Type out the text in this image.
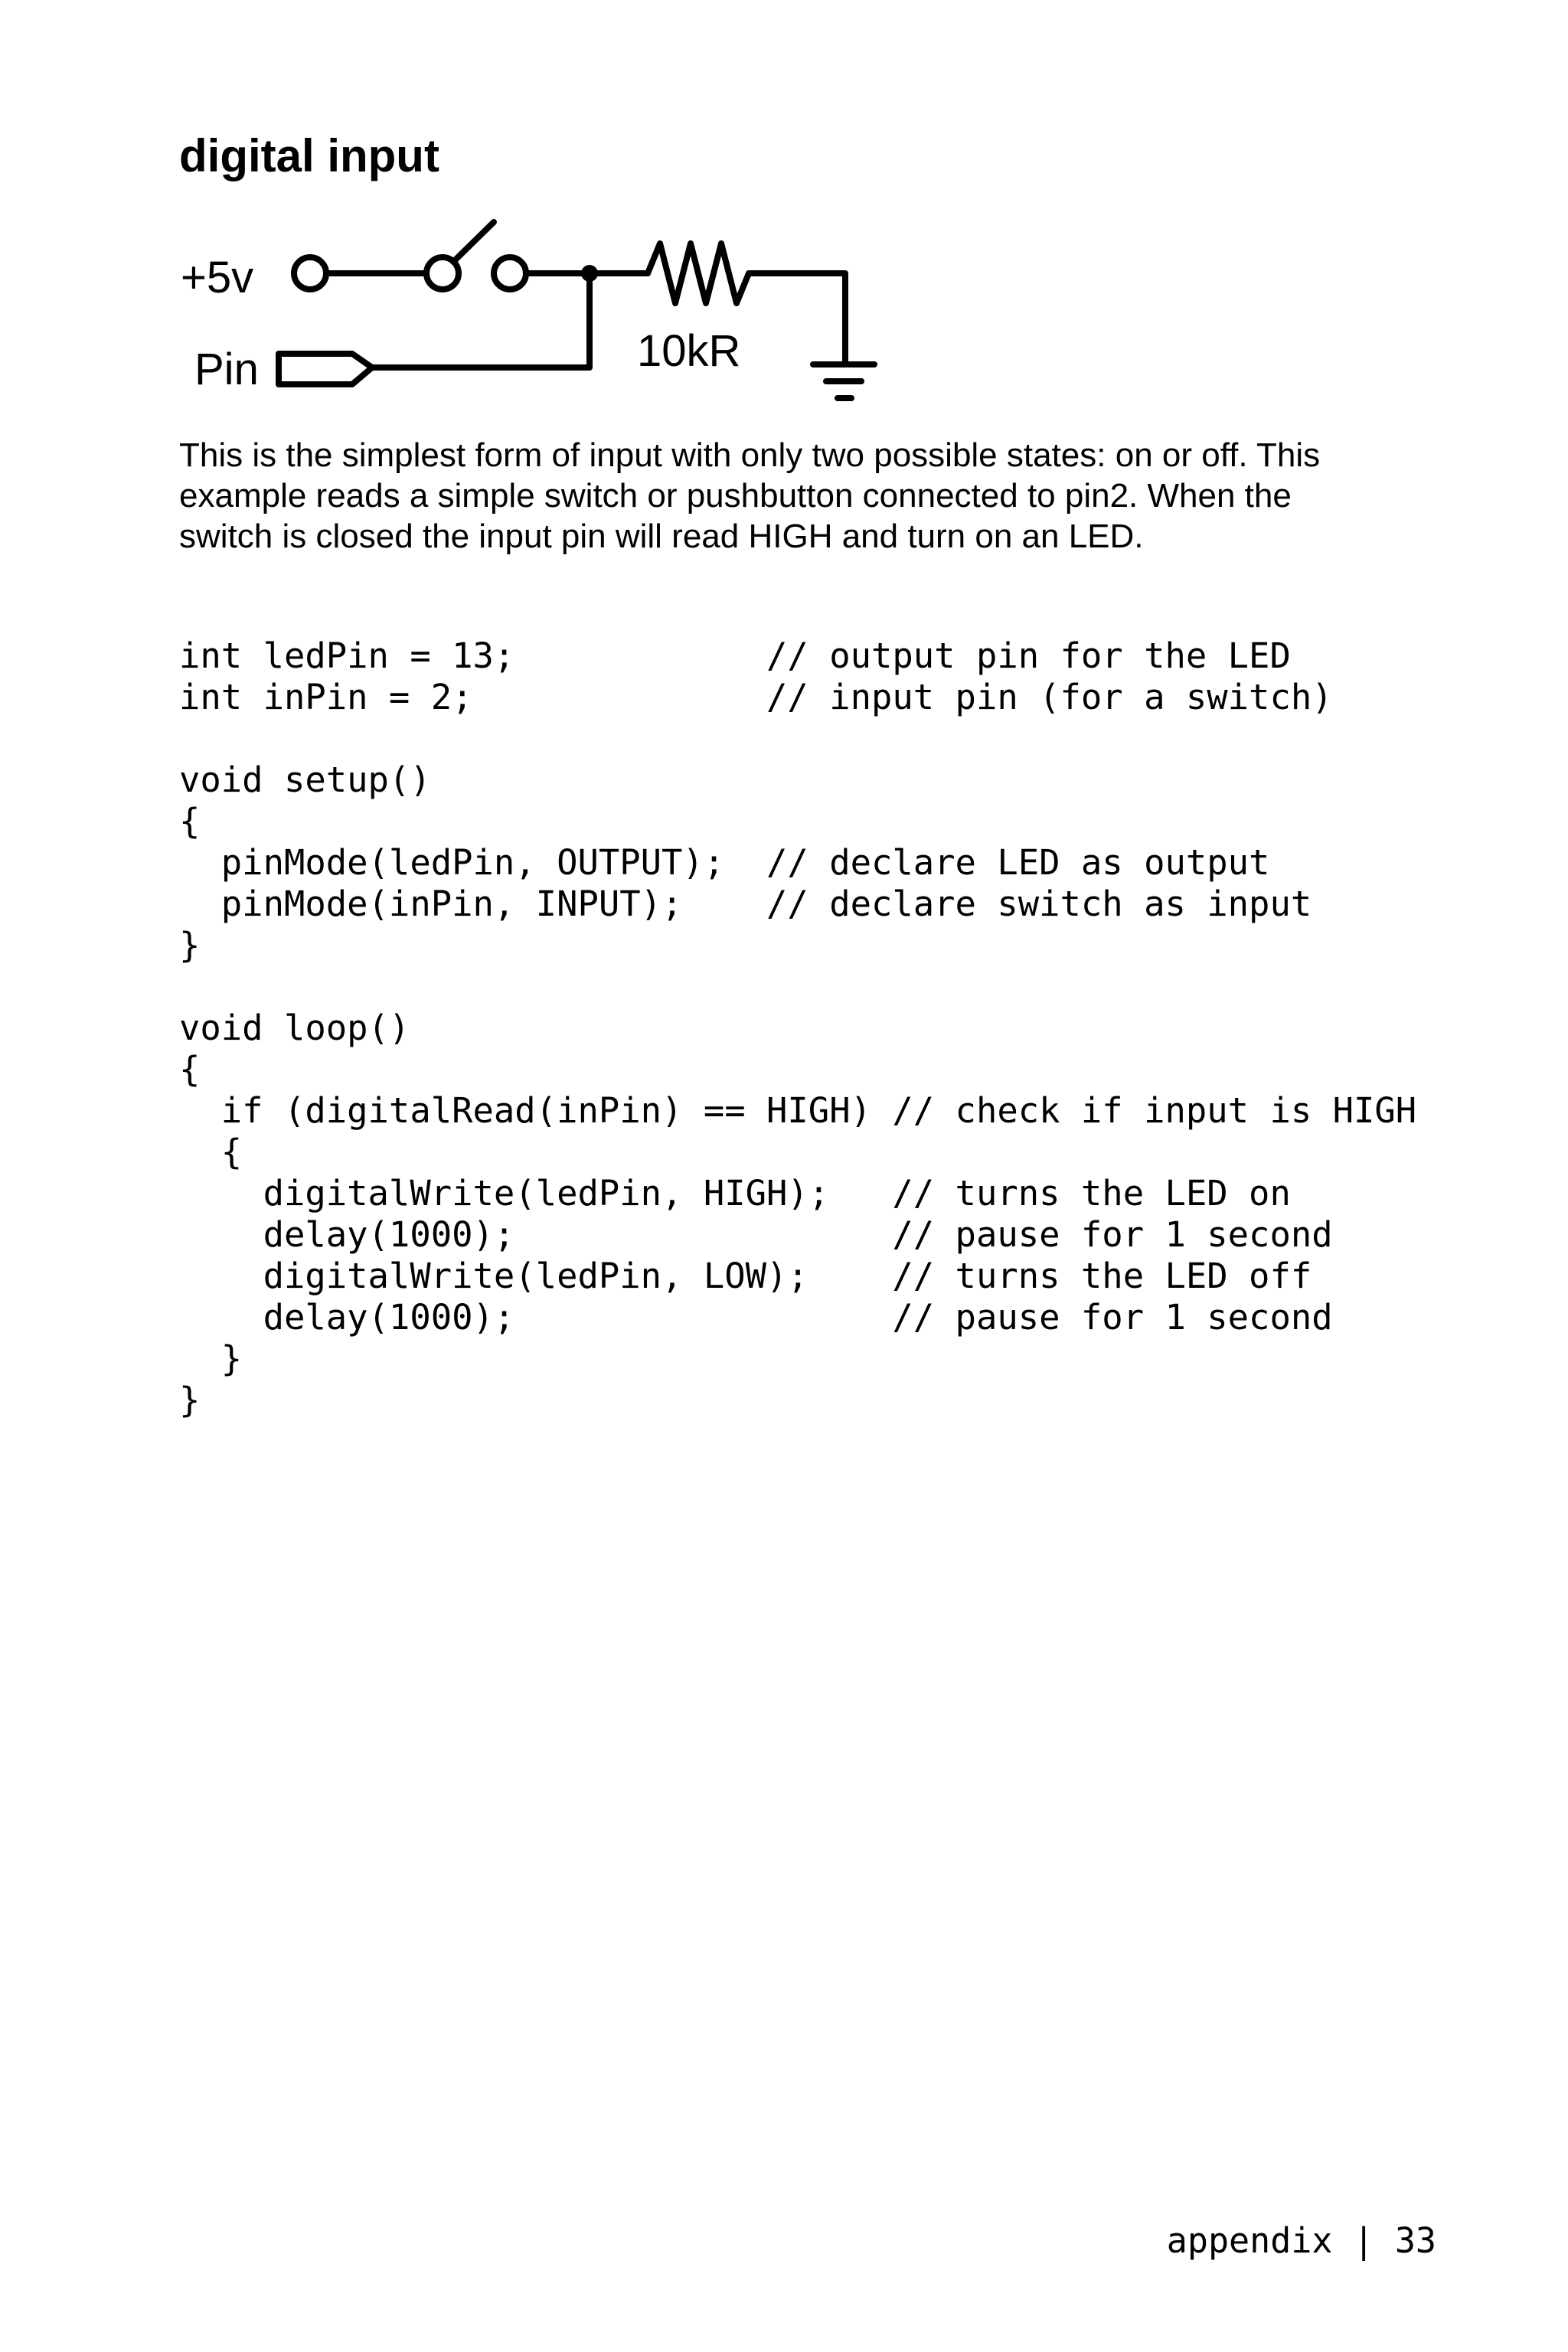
digital input
+5v
Pin	10kR

This is the simplest form of input with only two possible states: on or off. This

example reads a simple switch or pushbutton connected to pin2. When the

switch is closed the input pin will read HIGH and turn on an LED.

int ledPin = 13;            // output pin for the LED
int inPin = 2;              // input pin (for a switch)
void setup()
{
pinMode(ledPin, OUTPUT);  // declare LED as output
pinMode(inPin, INPUT);    // declare switch as input
}
void loop()
{
if (digitalRead(inPin) == HIGH) // check if input is HIGH
{
digitalWrite(ledPin, HIGH);   // turns the LED on
delay(1000);                  // pause for 1 second
digitalWrite(ledPin, LOW);    // turns the LED off
delay(1000);                  // pause for 1 second
}
}
appendix | 33
